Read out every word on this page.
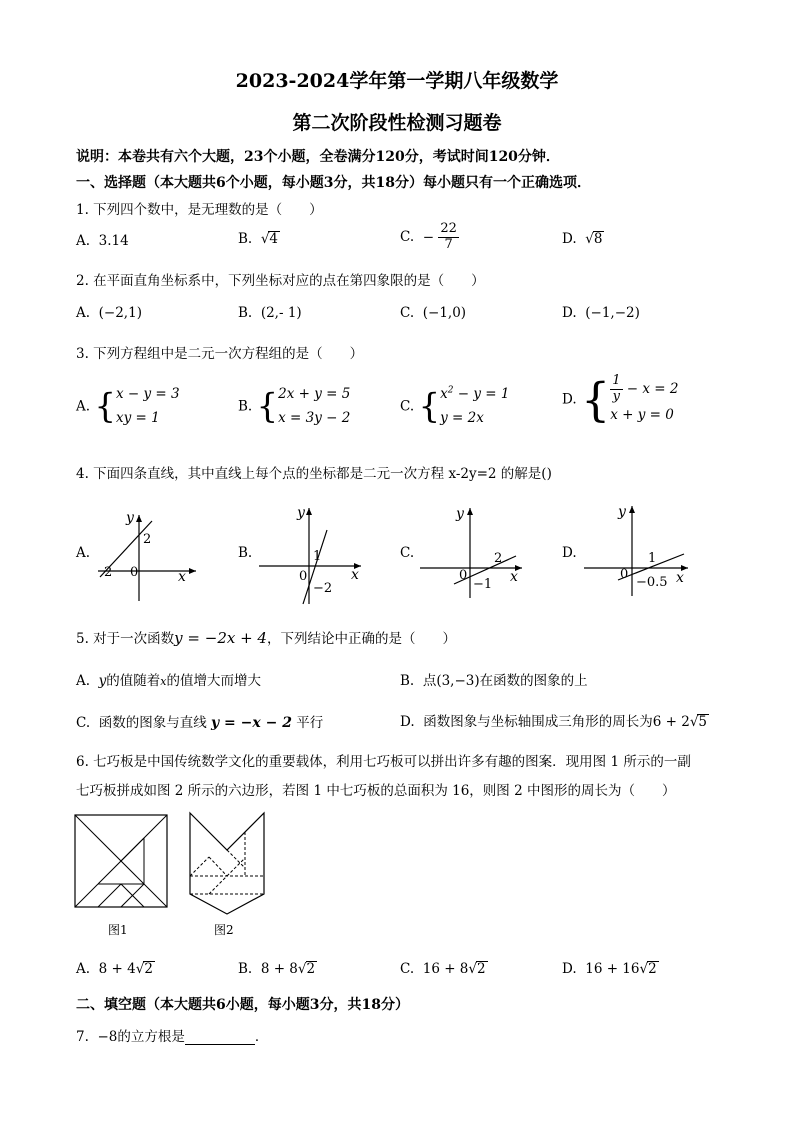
2023-2024学年第一学期八年级数学
第二次阶段性检测习题卷
说明：本卷共有六个大题，23个小题，全卷满分120分，考试时间120分钟．
一、选择题（本大题共6个小题，每小题3分，共18分）每小题只有一个正确选项．
1. 下列四个数中，是无理数的是（　　）
A. 3.14	B. √4	C. − $\frac{22}{7}$	D. √8
2. 在平面直角坐标系中，下列坐标对应的点在第四象限的是（　　）
A. (−2,1)	B. (2,- 1)	C. (−1,0)	D. (−1,−2)
3. 下列方程组中是二元一次方程组的是（　　）
A. {x − y = 3
xy = 1
B. {2x + y = 5
x = 3y − 2
C. {$x^2 - y = 1$
y = 2x
D. { $\frac{1}{y} - x = 2$
x + y = 0
4. 下面四条直线，其中直线上每个点的坐标都是二元一次方程 x-2y=2 的解是()
A.
y
x
0
2
2
B.
y
x
0
1
−2
C.
y
x
0
2
−1
D.
y
x
0
1
−0.5
5. 对于一次函数y = −2x + 4，下列结论中正确的是（　　）
A. y的值随着x的值增大而增大	B. 点(3,−3)在函数的图象的上
C. 函数的图象与直线 y = −x − 2 平行	D. 函数图象与坐标轴围成三角形的周长为6 + 2√5
6. 七巧板是中国传统数学文化的重要载体，利用七巧板可以拼出许多有趣的图案．现用图 1 所示的一副
七巧板拼成如图 2 所示的六边形，若图 1 中七巧板的总面积为 16，则图 2 中图形的周长为（　　）
图1	图2
A. 8 + 4√2	B. 8 + 8√2	C. 16 + 8√2	D. 16 + 16√2
二、填空题（本大题共6小题，每小题3分，共18分）
7. −8的立方根是	．
